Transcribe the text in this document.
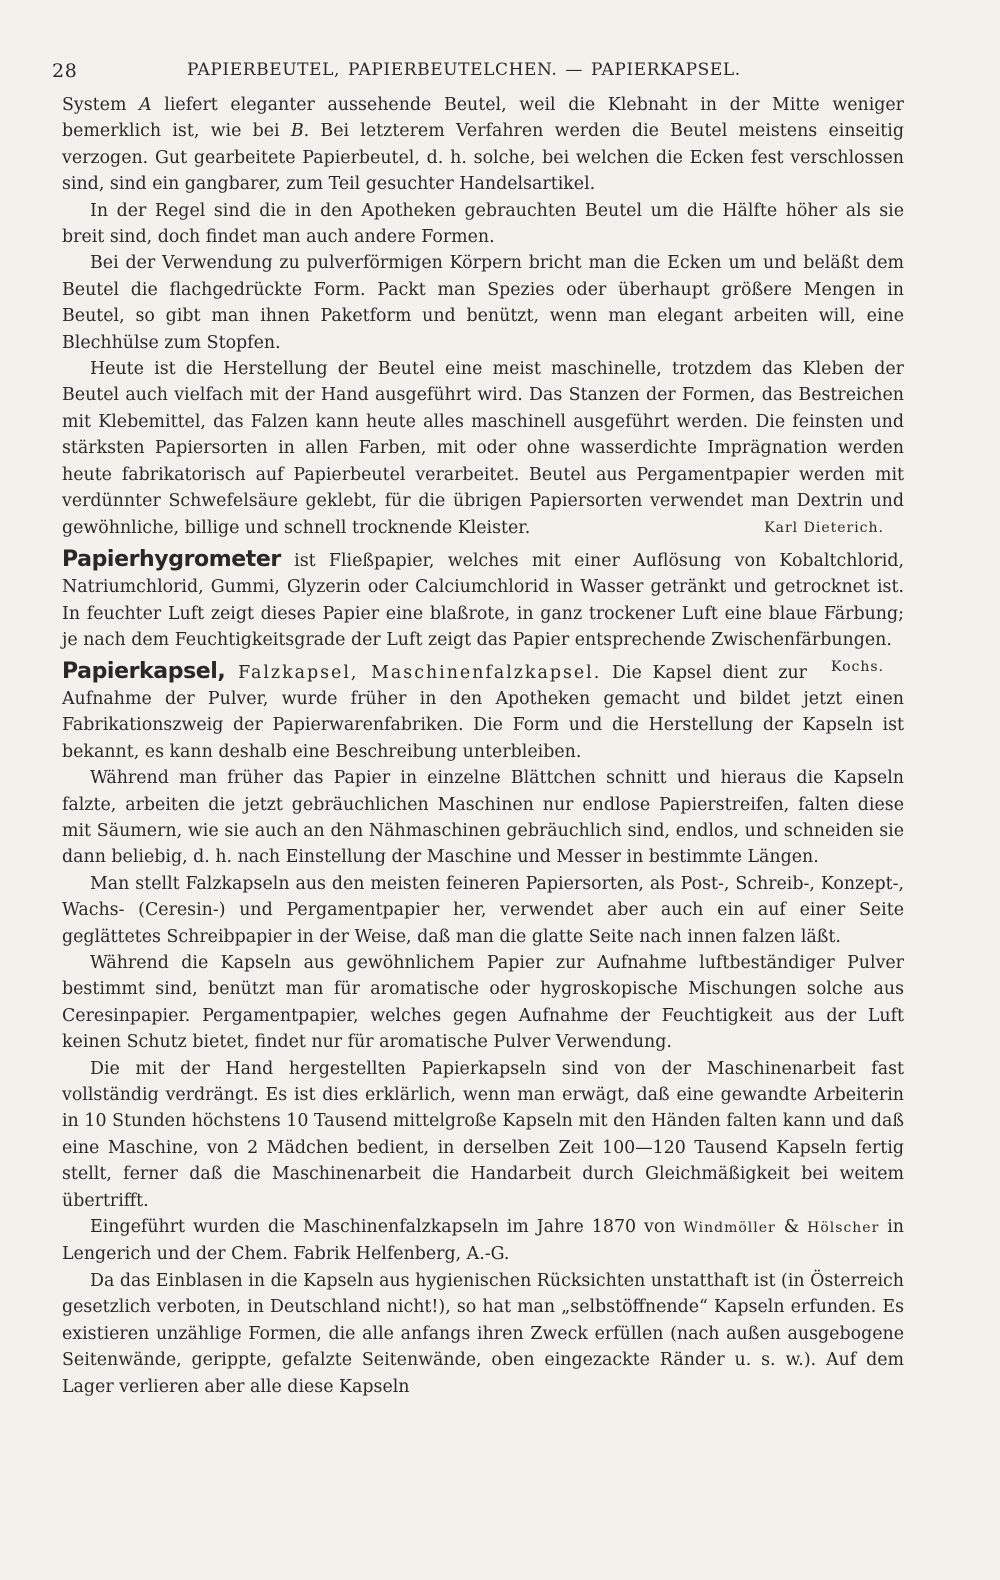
28	PAPIERBEUTEL, PAPIERBEUTELCHEN. — PAPIERKAPSEL.

System A liefert eleganter aussehende Beutel, weil die Klebnaht in der Mitte weniger bemerklich ist, wie bei B. Bei letzterem Verfahren werden die Beutel meistens einseitig verzogen. Gut gearbeitete Papierbeutel, d. h. solche, bei welchen die Ecken fest verschlossen sind, sind ein gangbarer, zum Teil gesuchter Handelsartikel.

In der Regel sind die in den Apotheken gebrauchten Beutel um die Hälfte höher als sie breit sind, doch findet man auch andere Formen.

Bei der Verwendung zu pulverförmigen Körpern bricht man die Ecken um und beläßt dem Beutel die flachgedrückte Form. Packt man Spezies oder überhaupt größere Mengen in Beutel, so gibt man ihnen Paketform und benützt, wenn man elegant arbeiten will, eine Blechhülse zum Stopfen.

Heute ist die Herstellung der Beutel eine meist maschinelle, trotzdem das Kleben der Beutel auch vielfach mit der Hand ausgeführt wird. Das Stanzen der Formen, das Bestreichen mit Klebemittel, das Falzen kann heute alles maschinell ausgeführt werden. Die feinsten und stärksten Papiersorten in allen Farben, mit oder ohne wasserdichte Imprägnation werden heute fabrikatorisch auf Papierbeutel verarbeitet. Beutel aus Pergamentpapier werden mit verdünnter Schwefelsäure geklebt, für die übrigen Papiersorten verwendet man Dextrin und gewöhnliche, billige und schnell trocknende Kleister.	Karl Dieterich.

Papierhygrometer ist Fließpapier, welches mit einer Auflösung von Kobaltchlorid, Natriumchlorid, Gummi, Glyzerin oder Calciumchlorid in Wasser getränkt und getrocknet ist. In feuchter Luft zeigt dieses Papier eine blaßrote, in ganz trockener Luft eine blaue Färbung; je nach dem Feuchtigkeitsgrade der Luft zeigt das Papier entsprechende Zwischenfärbungen.
Kochs.

Papierkapsel, Falzkapsel, Maschinenfalzkapsel. Die Kapsel dient zur Aufnahme der Pulver, wurde früher in den Apotheken gemacht und bildet jetzt einen Fabrikationszweig der Papierwarenfabriken. Die Form und die Herstellung der Kapseln ist bekannt, es kann deshalb eine Beschreibung unterbleiben.

Während man früher das Papier in einzelne Blättchen schnitt und hieraus die Kapseln falzte, arbeiten die jetzt gebräuchlichen Maschinen nur endlose Papierstreifen, falten diese mit Säumern, wie sie auch an den Nähmaschinen gebräuchlich sind, endlos, und schneiden sie dann beliebig, d. h. nach Einstellung der Maschine und Messer in bestimmte Längen.

Man stellt Falzkapseln aus den meisten feineren Papiersorten, als Post-, Schreib-, Konzept-, Wachs- (Ceresin-) und Pergamentpapier her, verwendet aber auch ein auf einer Seite geglättetes Schreibpapier in der Weise, daß man die glatte Seite nach innen falzen läßt.

Während die Kapseln aus gewöhnlichem Papier zur Aufnahme luftbeständiger Pulver bestimmt sind, benützt man für aromatische oder hygroskopische Mischungen solche aus Ceresinpapier. Pergamentpapier, welches gegen Aufnahme der Feuchtigkeit aus der Luft keinen Schutz bietet, findet nur für aromatische Pulver Verwendung.

Die mit der Hand hergestellten Papierkapseln sind von der Maschinenarbeit fast vollständig verdrängt. Es ist dies erklärlich, wenn man erwägt, daß eine gewandte Arbeiterin in 10 Stunden höchstens 10 Tausend mittelgroße Kapseln mit den Händen falten kann und daß eine Maschine, von 2 Mädchen bedient, in derselben Zeit 100—120 Tausend Kapseln fertig stellt, ferner daß die Maschinenarbeit die Handarbeit durch Gleichmäßigkeit bei weitem übertrifft.

Eingeführt wurden die Maschinenfalzkapseln im Jahre 1870 von Windmöller & Hölscher in Lengerich und der Chem. Fabrik Helfenberg, A.-G.

Da das Einblasen in die Kapseln aus hygienischen Rücksichten unstatthaft ist (in Österreich gesetzlich verboten, in Deutschland nicht!), so hat man „selbstöffnende“ Kapseln erfunden. Es existieren unzählige Formen, die alle anfangs ihren Zweck erfüllen (nach außen ausgebogene Seitenwände, gerippte, gefalzte Seitenwände, oben eingezackte Ränder u. s. w.). Auf dem Lager verlieren aber alle diese Kapseln
